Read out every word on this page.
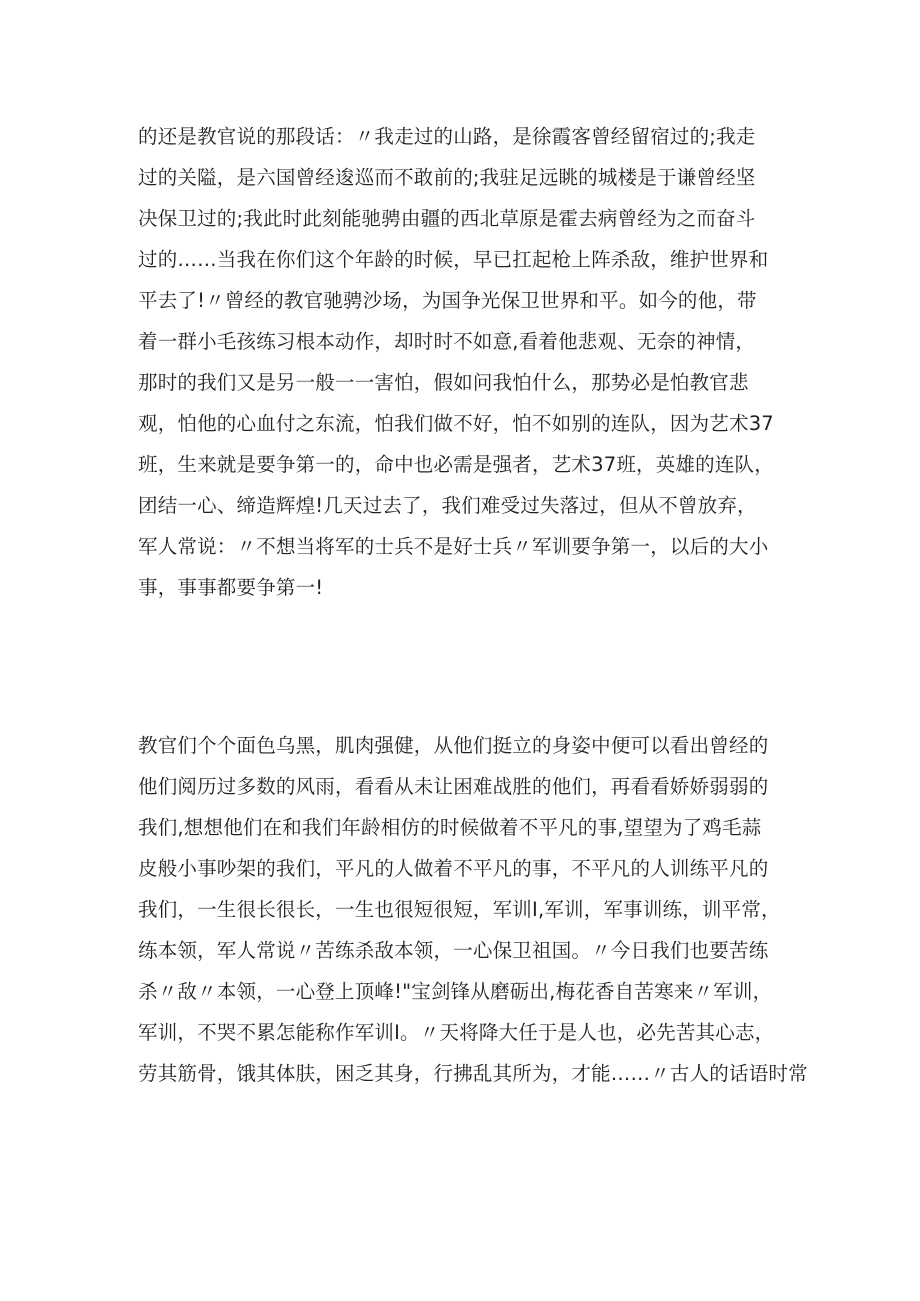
的还是教官说的那段话：〃我走过的山路，是徐霞客曾经留宿过的;我走
过的关隘，是六国曾经逡巡而不敢前的;我驻足远眺的城楼是于谦曾经坚
决保卫过的;我此时此刻能驰骋由疆的西北草原是霍去病曾经为之而奋斗
过的……当我在你们这个年龄的时候，早已扛起枪上阵杀敌，维护世界和
平去了!〃曾经的教官驰骋沙场，为国争光保卫世界和平。如今的他，带
着一群小毛孩练习根本动作，却时时不如意,看着他悲观、无奈的神情，
那时的我们又是另一般一一害怕，假如问我怕什么，那势必是怕教官悲
观，怕他的心血付之东流，怕我们做不好，怕不如别的连队，因为艺术37
班，生来就是要争第一的，命中也必需是强者，艺术37班，英雄的连队，
团结一心、缔造辉煌!几天过去了，我们难受过失落过，但从不曾放弃，
军人常说：〃不想当将军的士兵不是好士兵〃军训要争第一，以后的大小
事，事事都要争第一!
教官们个个面色乌黑，肌肉强健，从他们挺立的身姿中便可以看出曾经的
他们阅历过多数的风雨，看看从未让困难战胜的他们，再看看娇娇弱弱的
我们,想想他们在和我们年龄相仿的时候做着不平凡的事,望望为了鸡毛蒜
皮般小事吵架的我们，平凡的人做着不平凡的事，不平凡的人训练平凡的
我们，一生很长很长，一生也很短很短，军训I,军训，军事训练，训平常，
练本领，军人常说〃苦练杀敌本领，一心保卫祖国。〃今日我们也要苦练
杀〃敌〃本领，一心登上顶峰!"宝剑锋从磨砺出,梅花香自苦寒来〃军训，
军训，不哭不累怎能称作军训I。〃天将降大任于是人也，必先苦其心志，
劳其筋骨，饿其体肤，困乏其身，行拂乱其所为，才能……〃古人的话语时常
